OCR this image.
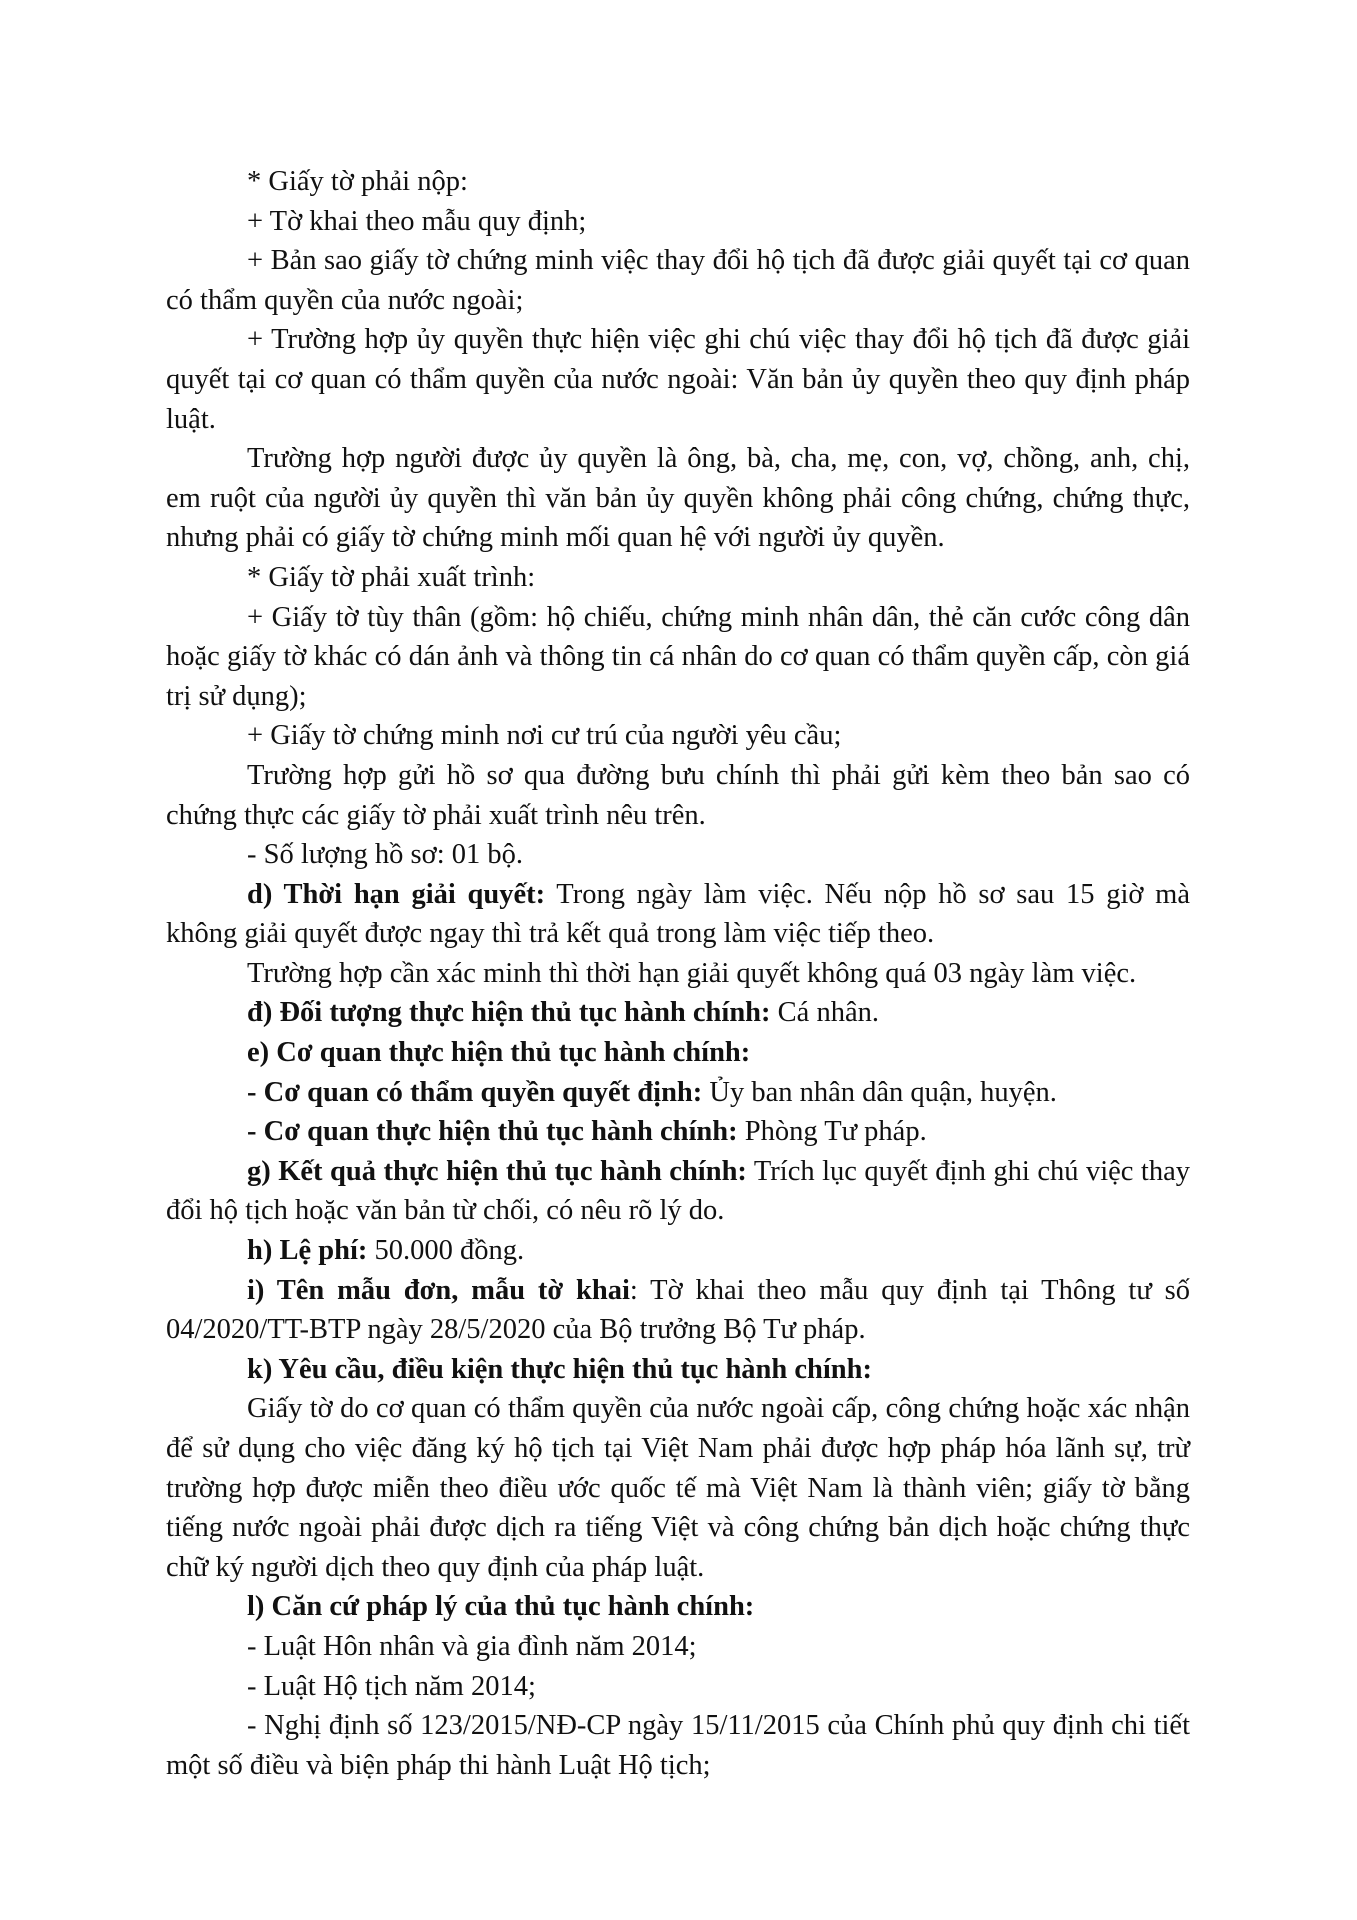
* Giấy tờ phải nộp:

+ Tờ khai theo mẫu quy định;

+ Bản sao giấy tờ chứng minh việc thay đổi hộ tịch đã được giải quyết tại cơ quan có thẩm quyền của nước ngoài;

+ Trường hợp ủy quyền thực hiện việc ghi chú việc thay đổi hộ tịch đã được giải quyết tại cơ quan có thẩm quyền của nước ngoài: Văn bản ủy quyền theo quy định pháp luật.

Trường hợp người được ủy quyền là ông, bà, cha, mẹ, con, vợ, chồng, anh, chị, em ruột của người ủy quyền thì văn bản ủy quyền không phải công chứng, chứng thực, nhưng phải có giấy tờ chứng minh mối quan hệ với người ủy quyền.

* Giấy tờ phải xuất trình:

+ Giấy tờ tùy thân (gồm: hộ chiếu, chứng minh nhân dân, thẻ căn cước công dân hoặc giấy tờ khác có dán ảnh và thông tin cá nhân do cơ quan có thẩm quyền cấp, còn giá trị sử dụng);

+ Giấy tờ chứng minh nơi cư trú của người yêu cầu;

Trường hợp gửi hồ sơ qua đường bưu chính thì phải gửi kèm theo bản sao có chứng thực các giấy tờ phải xuất trình nêu trên.

- Số lượng hồ sơ: 01 bộ.

d) Thời hạn giải quyết: Trong ngày làm việc. Nếu nộp hồ sơ sau 15 giờ mà không giải quyết được ngay thì trả kết quả trong làm việc tiếp theo.

Trường hợp cần xác minh thì thời hạn giải quyết không quá 03 ngày làm việc.

đ) Đối tượng thực hiện thủ tục hành chính: Cá nhân.

e) Cơ quan thực hiện thủ tục hành chính:

- Cơ quan có thẩm quyền quyết định: Ủy ban nhân dân quận, huyện.

- Cơ quan thực hiện thủ tục hành chính: Phòng Tư pháp.

g) Kết quả thực hiện thủ tục hành chính: Trích lục quyết định ghi chú việc thay đổi hộ tịch hoặc văn bản từ chối, có nêu rõ lý do.

h) Lệ phí: 50.000 đồng.

i) Tên mẫu đơn, mẫu tờ khai: Tờ khai theo mẫu quy định tại Thông tư số 04/2020/TT-BTP ngày 28/5/2020 của Bộ trưởng Bộ Tư pháp.

k) Yêu cầu, điều kiện thực hiện thủ tục hành chính:

Giấy tờ do cơ quan có thẩm quyền của nước ngoài cấp, công chứng hoặc xác nhận để sử dụng cho việc đăng ký hộ tịch tại Việt Nam phải được hợp pháp hóa lãnh sự, trừ trường hợp được miễn theo điều ước quốc tế mà Việt Nam là thành viên; giấy tờ bằng tiếng nước ngoài phải được dịch ra tiếng Việt và công chứng bản dịch hoặc chứng thực chữ ký người dịch theo quy định của pháp luật.

l) Căn cứ pháp lý của thủ tục hành chính:

- Luật Hôn nhân và gia đình năm 2014;

- Luật Hộ tịch năm 2014;

- Nghị định số 123/2015/NĐ-CP ngày 15/11/2015 của Chính phủ quy định chi tiết một số điều và biện pháp thi hành Luật Hộ tịch;
